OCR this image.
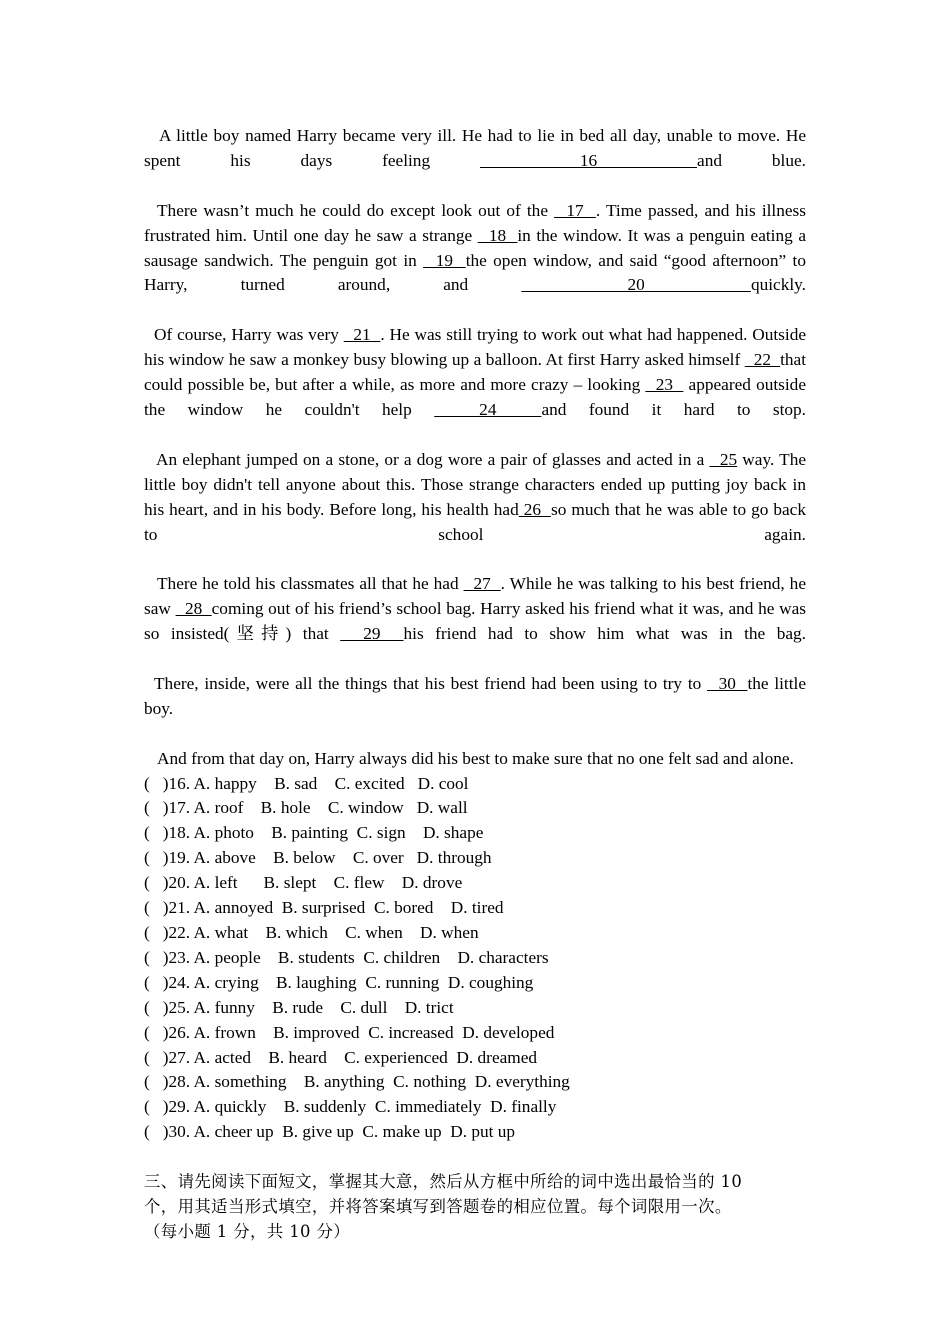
A little boy named Harry became very ill. He had to lie in bed all day, unable to move. He spent his days feeling   16  and blue.

There wasn’t much he could do except look out of the   17  . Time passed, and his illness frustrated him. Until one day he saw a strange   18  in the window. It was a penguin eating a sausage sandwich. The penguin got in   19  the open window, and said “good afternoon” to Harry, turned around, and   20  quickly.

Of course, Harry was very   21  . He was still trying to work out what had happened. Outside his window he saw a monkey busy blowing up a balloon. At first Harry asked himself   22  that could possible be, but after a while, as more and more crazy – looking   23   appeared outside the window he couldn't help   24  and found it hard to stop.

An elephant jumped on a stone, or a dog wore a pair of glasses and acted in a   25 way. The little boy didn't tell anyone about this. Those strange characters ended up putting joy back in his heart, and in his body. Before long, his health had 26  so much that he was able to go back to school again.

There he told his classmates all that he had   27  . While he was talking to his best friend, he saw   28  coming out of his friend’s school bag. Harry asked his friend what it was, and he was so insisted(坚持) that   29  his friend had to show him what was in the bag.

There, inside, were all the things that his best friend had been using to try to   30  the little boy.

And from that day on, Harry always did his best to make sure that no one felt sad and alone.

(   )16. A. happy B. sad C. excited D. cool

(   )17. A. roof B. hole C. window D. wall

(   )18. A. photo B. painting C. sign D. shape

(   )19. A. above B. below C. over D. through

(   )20. A. left B. slept C. flew D. drove

(   )21. A. annoyed B. surprised C. bored D. tired

(   )22. A. what B. which C. when D. when

(   )23. A. people B. students C. children D. characters

(   )24. A. crying B. laughing C. running D. coughing

(   )25. A. funny B. rude C. dull D. trict

(   )26. A. frown B. improved C. increased D. developed

(   )27. A. acted B. heard C. experienced D. dreamed

(   )28. A. something B. anything C. nothing D. everything

(   )29. A. quickly B. suddenly C. immediately D. finally

(   )30. A. cheer up B. give up C. make up D. put up

三、请先阅读下面短文，掌握其大意，然后从方框中所给的词中选出最恰当的 10

个，用其适当形式填空，并将答案填写到答题卷的相应位置。每个词限用一次。

（每小题 1 分，共 10 分）
